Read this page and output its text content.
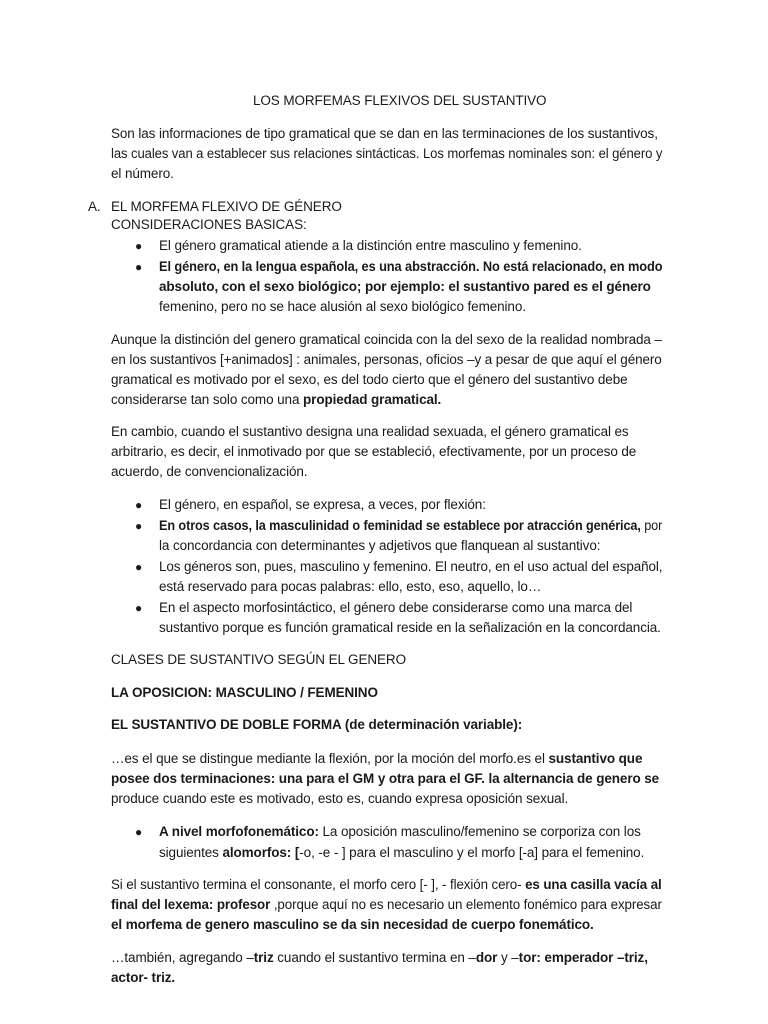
LOS MORFEMAS FLEXIVOS DEL SUSTANTIVO
Son las informaciones de tipo gramatical que se dan en las terminaciones de los sustantivos,
las cuales van a establecer sus relaciones sintácticas. Los morfemas nominales son: el género y
el número.
A. EL MORFEMA FLEXIVO DE GÉNERO
CONSIDERACIONES BASICAS:
● El género gramatical atiende a la distinción entre masculino y femenino.
● El género, en la lengua española, es una abstracción. No está relacionado, en modo
absoluto, con el sexo biológico; por ejemplo: el sustantivo pared es el género
femenino, pero no se hace alusión al sexo biológico femenino.
Aunque la distinción del genero gramatical coincida con la del sexo de la realidad nombrada –
en los sustantivos [+animados] : animales, personas, oficios –y a pesar de que aquí el género
gramatical es motivado por el sexo, es del todo cierto que el género del sustantivo debe
considerarse tan solo como una propiedad gramatical.
En cambio, cuando el sustantivo designa una realidad sexuada, el género gramatical es
arbitrario, es decir, el inmotivado por que se estableció, efectivamente, por un proceso de
acuerdo, de convencionalización.
● El género, en español, se expresa, a veces, por flexión:
● En otros casos, la masculinidad o feminidad se establece por atracción genérica, por
la concordancia con determinantes y adjetivos que flanquean al sustantivo:
● Los géneros son, pues, masculino y femenino. El neutro, en el uso actual del español,
está reservado para pocas palabras: ello, esto, eso, aquello, lo…
● En el aspecto morfosintáctico, el género debe considerarse como una marca del
sustantivo porque es función gramatical reside en la señalización en la concordancia.
CLASES DE SUSTANTIVO SEGÚN EL GENERO
LA OPOSICION: MASCULINO / FEMENINO
EL SUSTANTIVO DE DOBLE FORMA (de determinación variable):
…es el que se distingue mediante la flexión, por la moción del morfo.es el sustantivo que
posee dos terminaciones: una para el GM y otra para el GF. la alternancia de genero se
produce cuando este es motivado, esto es, cuando expresa oposición sexual.
● A nivel morfofonemático: La oposición masculino/femenino se corporiza con los
siguientes alomorfos: [-o, -e - ] para el masculino y el morfo [-a] para el femenino.
Si el sustantivo termina el consonante, el morfo cero [- ], - flexión cero- es una casilla vacía al
final del lexema: profesor ,porque aquí no es necesario un elemento fonémico para expresar
el morfema de genero masculino se da sin necesidad de cuerpo fonemático.
…también, agregando –triz cuando el sustantivo termina en –dor y –tor: emperador –triz,
actor- triz.
